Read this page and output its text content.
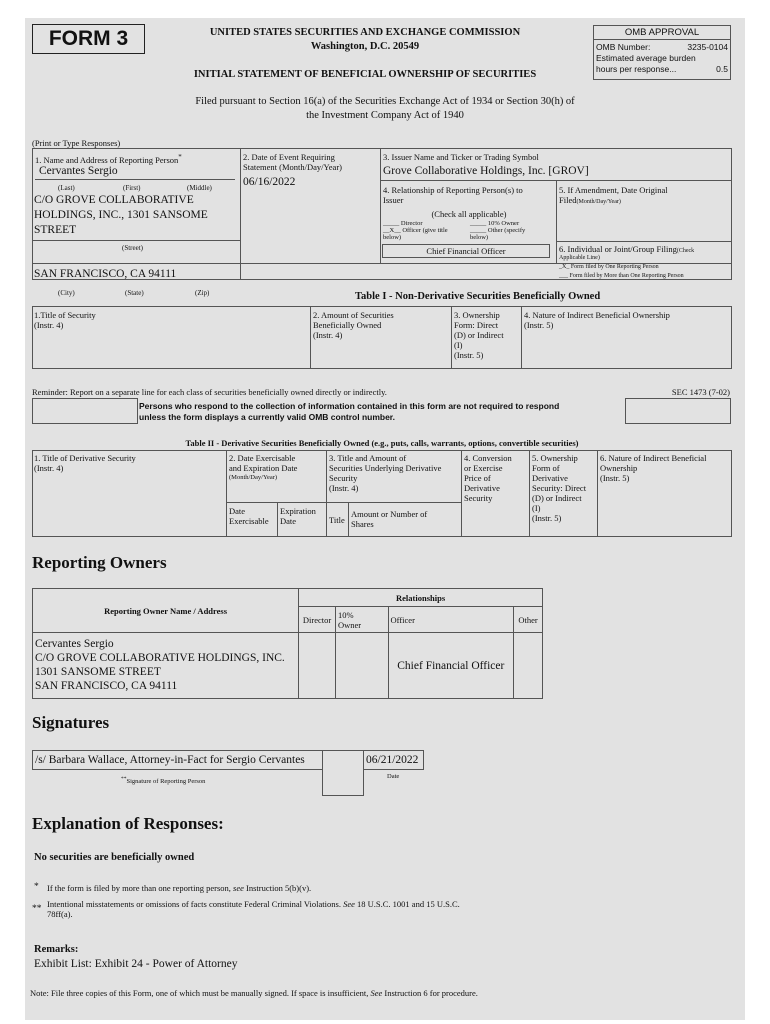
FORM 3	UNITED STATES SECURITIES AND EXCHANGE COMMISSION
Washington, D.C. 20549
INITIAL STATEMENT OF BENEFICIAL OWNERSHIP OF SECURITIES
OMB APPROVAL
OMB Number:	3235-0104
Estimated average burden
hours per response...	0.5
Filed pursuant to Section 16(a) of the Securities Exchange Act of 1934 or Section 30(h) of
the Investment Company Act of 1940
(Print or Type Responses)
1. Name and Address of Reporting Person*
Cervantes Sergio
(Last)	(First)	(Middle)
C/O GROVE COLLABORATIVE
HOLDINGS, INC., 1301 SANSOME
STREET
(Street)
SAN FRANCISCO, CA 94111
(City)	(State)	(Zip)
2. Date of Event Requiring
Statement (Month/Day/Year)
06/16/2022
3. Issuer Name and Ticker or Trading Symbol
Grove Collaborative Holdings, Inc. [GROV]
4. Relationship of Reporting Person(s) to
Issuer
(Check all applicable)
_____ Director	_____ 10% Owner
__X__ Officer (give title	_____ Other (specify
below)	below)
Chief Financial Officer
5. If Amendment, Date Original
Filed(Month/Day/Year)
6. Individual or Joint/Group Filing(Check
Applicable Line)
_X_ Form filed by One Reporting Person
___ Form filed by More than One Reporting Person
Table I - Non-Derivative Securities Beneficially Owned
1.Title of Security
(Instr. 4)
2. Amount of Securities
Beneficially Owned
(Instr. 4)
3. Ownership
Form: Direct
(D) or Indirect
(I)
(Instr. 5)
4. Nature of Indirect Beneficial Ownership
(Instr. 5)
Reminder: Report on a separate line for each class of securities beneficially owned directly or indirectly.	SEC 1473 (7-02)
Persons who respond to the collection of information contained in this form are not required to respond
unless the form displays a currently valid OMB control number.
Table II - Derivative Securities Beneficially Owned (e.g., puts, calls, warrants, options, convertible securities)
1. Title of Derivative Security
(Instr. 4)
2. Date Exercisable
and Expiration Date
(Month/Day/Year)
Date
Exercisable
Expiration
Date
3. Title and Amount of
Securities Underlying Derivative
Security
(Instr. 4)
Title
Amount or Number of
Shares
4. Conversion
or Exercise
Price of
Derivative
Security
5. Ownership
Form of
Derivative
Security: Direct
(D) or Indirect
(I)
(Instr. 5)
6. Nature of Indirect Beneficial
Ownership
(Instr. 5)
Reporting Owners
Reporting Owner Name / Address	Relationships			
	Director	10%
Owner	Officer	Other

Cervantes Sergio
C/O GROVE COLLABORATIVE HOLDINGS, INC.
1301 SANSOME STREET
SAN FRANCISCO, CA 94111			Chief Financial Officer	
Signatures
/s/ Barbara Wallace, Attorney-in-Fact for Sergio Cervantes	06/21/2022
**Signature of Reporting Person
Date
Explanation of Responses:
No securities are beneficially owned
* If the form is filed by more than one reporting person, see Instruction 5(b)(v).
** Intentional misstatements or omissions of facts constitute Federal Criminal Violations. See 18 U.S.C. 1001 and 15 U.S.C.
78ff(a).
Remarks:
Exhibit List: Exhibit 24 - Power of Attorney
Note: File three copies of this Form, one of which must be manually signed. If space is insufficient, See Instruction 6 for procedure.
